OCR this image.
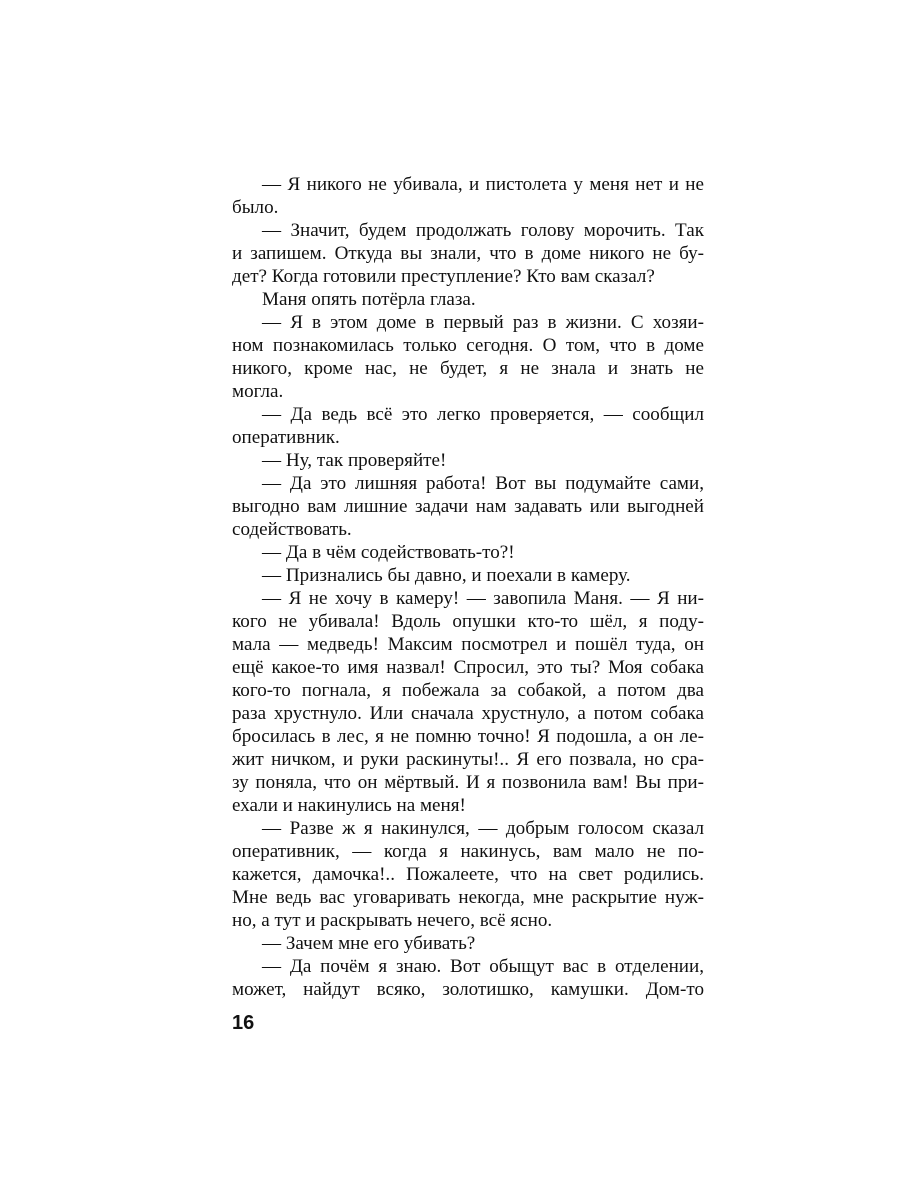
— Я никого не убивала, и пистолета у меня нет и не
было.
— Значит, будем продолжать голову морочить. Так
и запишем. Откуда вы знали, что в доме никого не бу-
дет? Когда готовили преступление? Кто вам сказал?
Маня опять потёрла глаза.
— Я в этом доме в первый раз в жизни. С хозяи-
ном познакомилась только сегодня. О том, что в доме
никого, кроме нас, не будет, я не знала и знать не
могла.
— Да ведь всё это легко проверяется, — сообщил
оперативник.
— Ну, так проверяйте!
— Да это лишняя работа! Вот вы подумайте сами,
выгодно вам лишние задачи нам задавать или выгодней
содействовать.
— Да в чём содействовать-то?!
— Признались бы давно, и поехали в камеру.
— Я не хочу в камеру! — завопила Маня. — Я ни-
кого не убивала! Вдоль опушки кто-то шёл, я поду-
мала — медведь! Максим посмотрел и пошёл туда, он
ещё какое-то имя назвал! Спросил, это ты? Моя собака
кого-то погнала, я побежала за собакой, а потом два
раза хрустнуло. Или сначала хрустнуло, а потом собака
бросилась в лес, я не помню точно! Я подошла, а он ле-
жит ничком, и руки раскинуты!.. Я его позвала, но сра-
зу поняла, что он мёртвый. И я позвонила вам! Вы при-
ехали и накинулись на меня!
— Разве ж я накинулся, — добрым голосом сказал
оперативник, — когда я накинусь, вам мало не по-
кажется, дамочка!.. Пожалеете, что на свет родились.
Мне ведь вас уговаривать некогда, мне раскрытие нуж-
но, а тут и раскрывать нечего, всё ясно.
— Зачем мне его убивать?
— Да почём я знаю. Вот обыщут вас в отделении,
может, найдут всяко, золотишко, камушки. Дом-то
16
